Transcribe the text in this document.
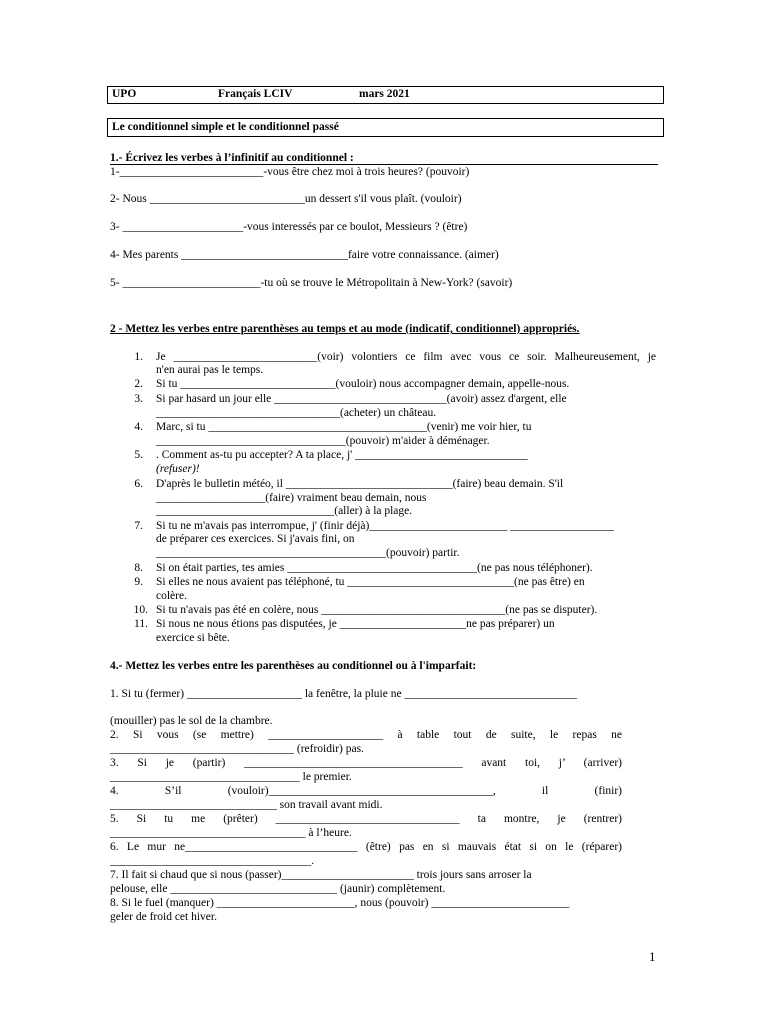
UPO	Français LCIV	mars 2021
Le conditionnel simple et le conditionnel passé
1.- Écrivez les verbes à l’infinitif au conditionnel :
1-_________________________-vous être chez moi à trois heures? (pouvoir)
2- Nous ___________________________un dessert s'il vous plaît. (vouloir)
3- _____________________-vous interessés par ce boulot, Messieurs ? (être)
4- Mes parents _____________________________faire votre connaissance. (aimer)
5- ________________________-tu où se trouve le Métropolitain à New-York? (savoir)
2 - Mettez les verbes entre parenthèses au temps et au mode (indicatif, conditionnel) appropriés.
1. Je _________________________(voir) volontiers ce film avec vous ce soir. Malheureusement, je
n'en aurai pas le temps.
2. Si tu ___________________________(vouloir) nous accompagner demain, appelle-nous.
3. Si par hasard un jour elle ______________________________(avoir) assez d'argent, elle
________________________________(acheter) un château.
4. Marc, si tu ______________________________________(venir) me voir hier, tu
_________________________________(pouvoir) m'aider à déménager.
5. . Comment as-tu pu accepter? A ta place, j' ______________________________
(refuser)!
6. D'après le bulletin météo, il _____________________________(faire) beau demain. S'il
___________________(faire) vraiment beau demain, nous
_______________________________(aller) à la plage.
7. Si tu ne m'avais pas interrompue, j' (finir déjà)________________________ __________________
de préparer ces exercices. Si j'avais fini, on
________________________________________(pouvoir) partir.
8. Si on était parties, tes amies _________________________________(ne pas nous téléphoner).
9. Si elles ne nous avaient pas téléphoné, tu _____________________________(ne pas être) en
colère.
10. Si tu n'avais pas été en colère, nous ________________________________(ne pas se disputer).
11. Si nous ne nous étions pas disputées, je ______________________ne pas préparer) un
exercice si bête.
4.- Mettez les verbes entre les parenthèses au conditionnel ou à l'imparfait:
1. Si tu (fermer) ____________________ la fenêtre, la pluie ne ______________________________
(mouiller) pas le sol de la chambre.
2. Si vous (se mettre) ____________________ à table tout de suite, le repas ne
________________________________ (refroidir) pas.
3. Si je (partir) ______________________________________ avant toi, j’ (arriver)
_________________________________ le premier.
4. S’il (vouloir)_______________________________________, il (finir)
_____________________________ son travail avant midi.
5. Si tu me (prêter) ________________________________ ta montre, je (rentrer)
__________________________________ à l’heure.
6. Le mur ne______________________________ (être) pas en si mauvais état si on le (réparer)
___________________________________.
7. Il fait si chaud que si nous (passer)_______________________ trois jours sans arroser la
pelouse, elle _____________________________ (jaunir) complètement.
8. Si le fuel (manquer) ________________________, nous (pouvoir) ________________________
geler de froid cet hiver.
1
